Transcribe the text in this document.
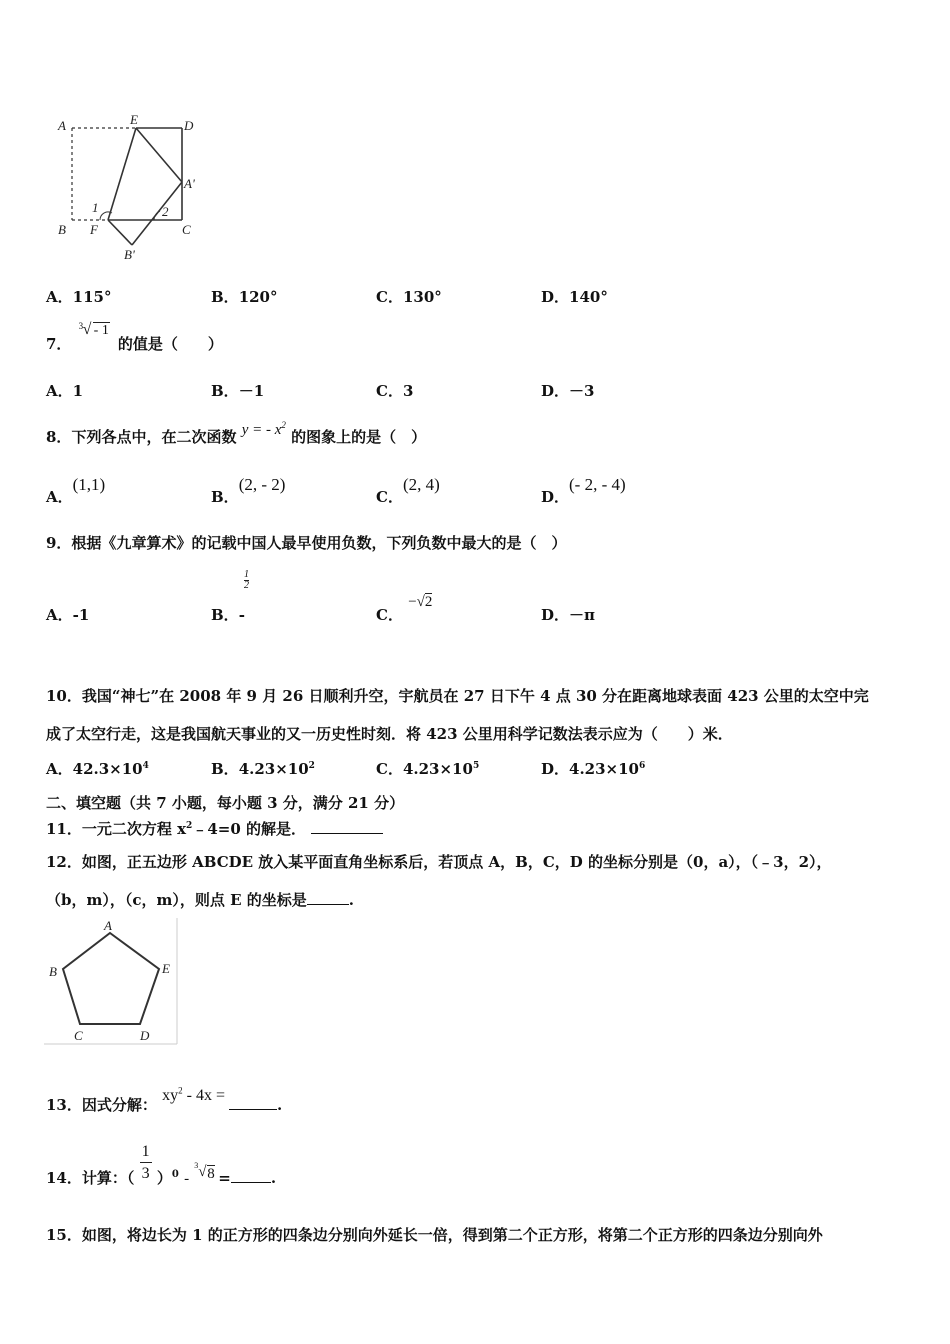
A	E	D
A'
1	2
B F	C
B'
A．115°	B．120°	C．130°	D．140°
7．
3 √ - 1
的值是（　　）
A．1	B．－1	C．3	D．－3
8．下列各点中，在二次函数 y = - $x^2$ 的图象上的是（　）
A．(1,1)
B．(2, - 2)
C．(2, 4)
D．(- 2, - 4)
9．根据《九章算术》的记载中国人最早使用负数，下列负数中最大的是（　）
A．-1	B．-
1
2
C． −√2
D．－π
10．我国“神七”在 2008 年 9 月 26 日顺利升空，宇航员在 27 日下午 4 点 30 分在距离地球表面 423 公里的太空中完
成了太空行走，这是我国航天事业的又一历史性时刻．将 423 公里用科学记数法表示应为（　　）米．
A．$42.3\times 10^4$	B．$4.23\times 10^2$	C．$4.23\times 10^5$	D．$4.23\times 10^6$
二、填空题（共 7 小题，每小题 3 分，满分 21 分）
11．一元二次方程 $x^2﹣4=0$ 的解是．
12．如图，正五边形 ABCDE 放入某平面直角坐标系后，若顶点 A，B，C，D 的坐标分别是（0，a），（﹣3，2），
（b，m），（c，m），则点 E 的坐标是	.
A
B	E
C	D
13．因式分解： $xy^2 - 4x$ = .
14．计算：（ $\frac{1}{3} )^0$ -
3 √ 8 =	.
15．如图，将边长为 1 的正方形的四条边分别向外延长一倍，得到第二个正方形，将第二个正方形的四条边分别向外
